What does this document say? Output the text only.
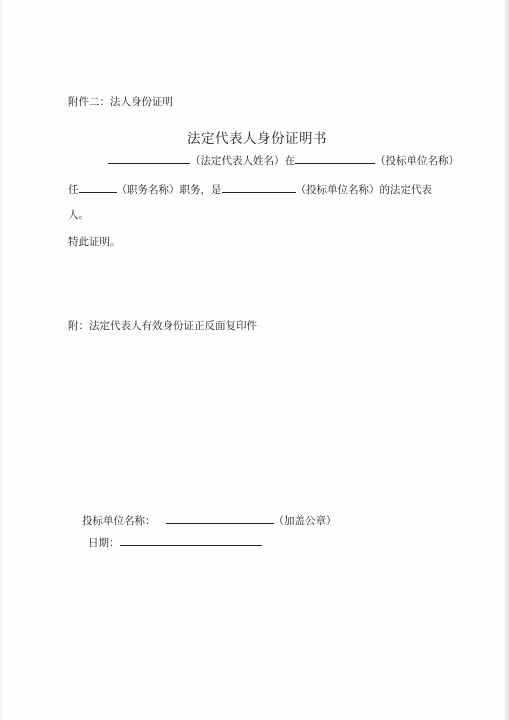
附件二：法人身份证明
法定代表人身份证明书
（法定代表人姓名）在	（投标单位名称）
任	（职务名称）职务，是	（投标单位名称）的法定代表
人。
特此证明。
附：法定代表人有效身份证正反面复印件
投标单位名称：	（加盖公章）
日期：
